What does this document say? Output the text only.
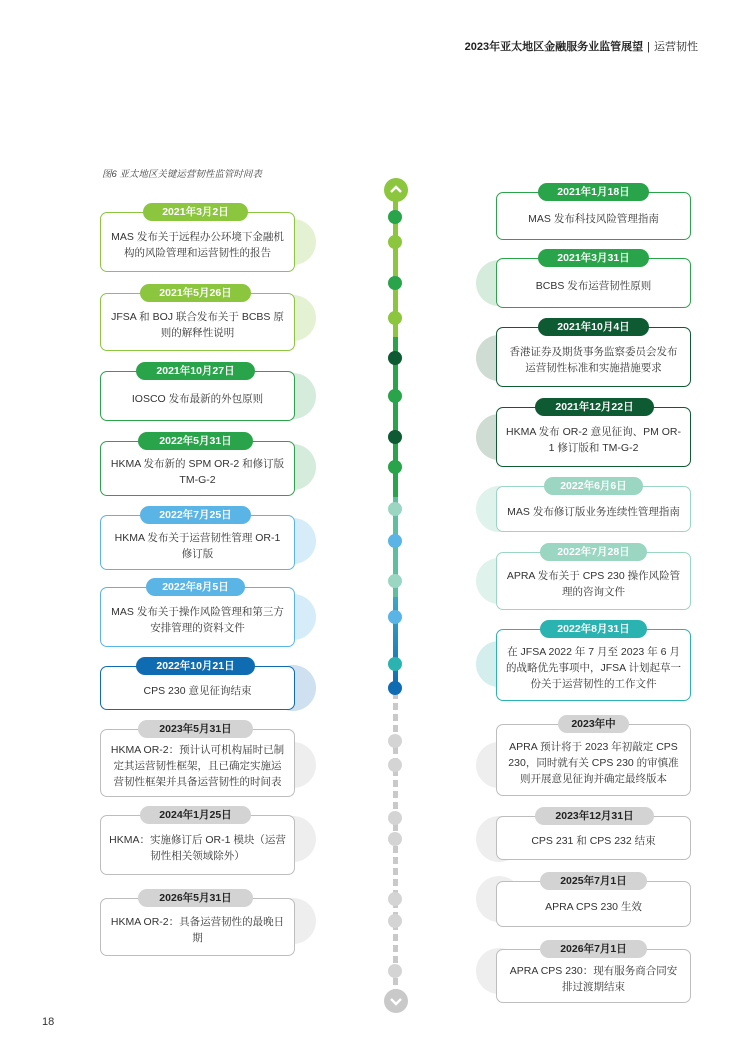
2023年亚太地区金融服务业监管展望 | 运营韧性
图6 亚太地区关键运营韧性监管时间表
MAS 发布关于远程办公环境下金融机构的风险管理和运营韧性的报告
2021年3月2日
JFSA 和 BOJ 联合发布关于 BCBS 原则的解释性说明
2021年5月26日
IOSCO 发布最新的外包原则
2021年10月27日
HKMA 发布新的 SPM OR-2 和修订版 TM-G-2
2022年5月31日
HKMA 发布关于运营韧性管理 OR-1 修订版
2022年7月25日
MAS 发布关于操作风险管理和第三方安排管理的资料文件
2022年8月5日
CPS 230 意见征询结束
2022年10月21日
HKMA OR-2：预计认可机构届时已制定其运营韧性框架，且已确定实施运营韧性框架并具备运营韧性的时间表
2023年5月31日
HKMA：实施修订后 OR-1 模块（运营韧性相关领域除外）
2024年1月25日
HKMA OR-2：具备运营韧性的最晚日期
2026年5月31日
MAS 发布科技风险管理指南
2021年1月18日
BCBS 发布运营韧性原则
2021年3月31日
香港证券及期货事务监察委员会发布运营韧性标准和实施措施要求
2021年10月4日
HKMA 发布 OR-2 意见征询、PM OR-1 修订版和 TM-G-2
2021年12月22日
MAS 发布修订版业务连续性管理指南
2022年6月6日
APRA 发布关于 CPS 230 操作风险管理的咨询文件
2022年7月28日
在 JFSA 2022 年 7 月至 2023 年 6 月的战略优先事项中，JFSA 计划起草一份关于运营韧性的工作文件
2022年8月31日
APRA 预计将于 2023 年初敲定 CPS 230，同时就有关 CPS 230 的审慎准则开展意见征询并确定最终版本
2023年中
CPS 231 和 CPS 232 结束
2023年12月31日
APRA CPS 230 生效
2025年7月1日
APRA CPS 230：现有服务商合同安排过渡期结束
2026年7月1日
18
